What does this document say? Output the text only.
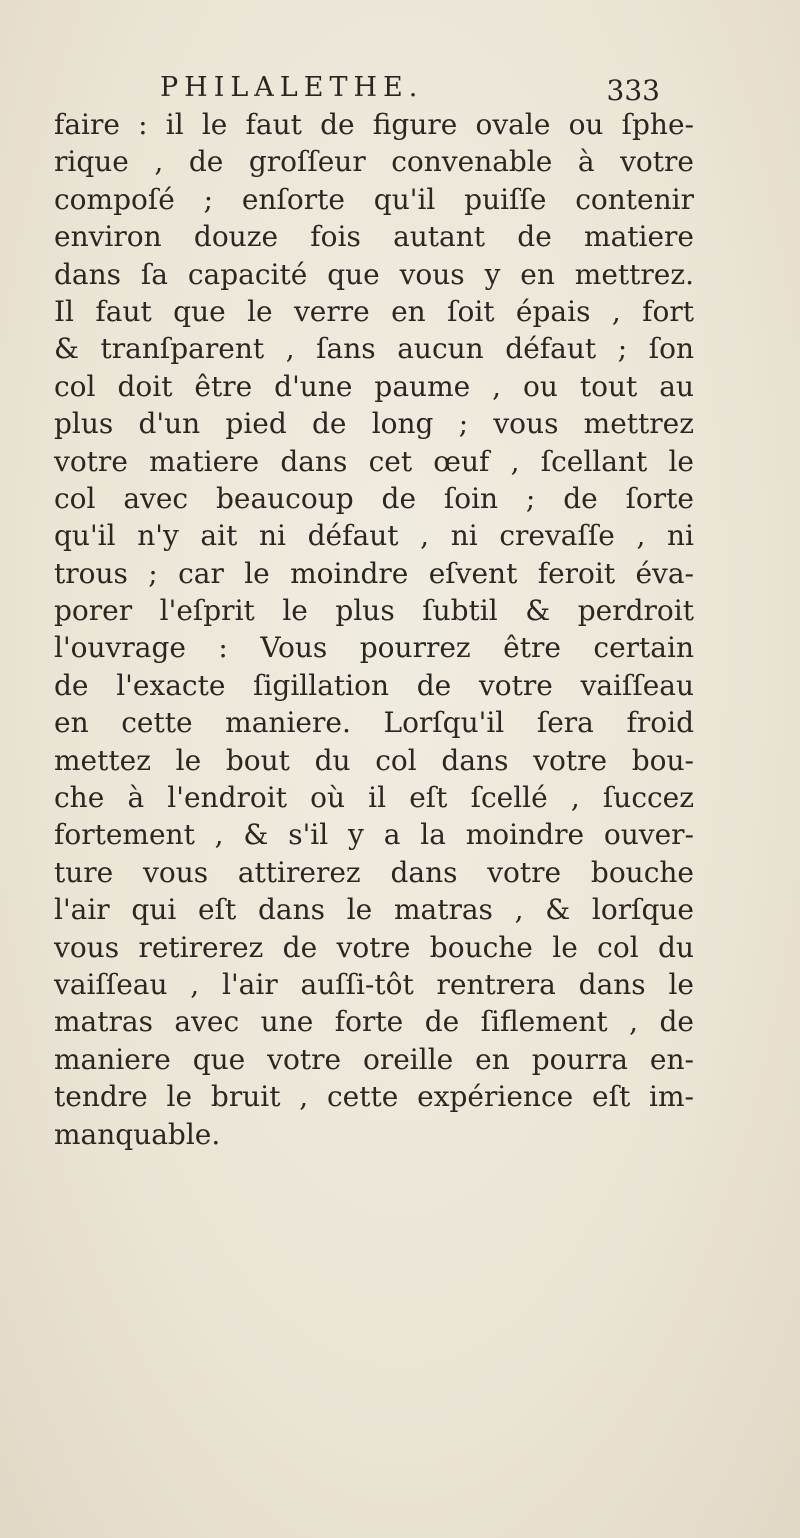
PHILALETHE.	333
faire : il le faut de figure ovale ou ſphe-
rique , de groſſeur convenable à votre
compoſé ; enſorte qu'il puiſſe contenir
environ douze fois autant de matiere
dans ſa capacité que vous y en mettrez.
Il faut que le verre en ſoit épais , fort
& tranſparent , ſans aucun défaut ; ſon
col doit être d'une paume , ou tout au
plus d'un pied de long ; vous mettrez
votre matiere dans cet œuf , ſcellant le
col avec beaucoup de ſoin ; de ſorte
qu'il n'y ait ni défaut , ni crevaſſe , ni
trous ; car le moindre eſvent feroit éva-
porer l'eſprit le plus ſubtil & perdroit
l'ouvrage : Vous pourrez être certain
de l'exacte ſigillation de votre vaiſſeau
en cette maniere. Lorſqu'il ſera froid
mettez le bout du col dans votre bou-
che à l'endroit où il eſt ſcellé , ſuccez
fortement , & s'il y a la moindre ouver-
ture vous attirerez dans votre bouche
l'air qui eſt dans le matras , & lorſque
vous retirerez de votre bouche le col du
vaiſſeau , l'air auſſi-tôt rentrera dans le
matras avec une forte de ſiflement , de
maniere que votre oreille en pourra en-
tendre le bruit , cette expérience eſt im-
manquable.
